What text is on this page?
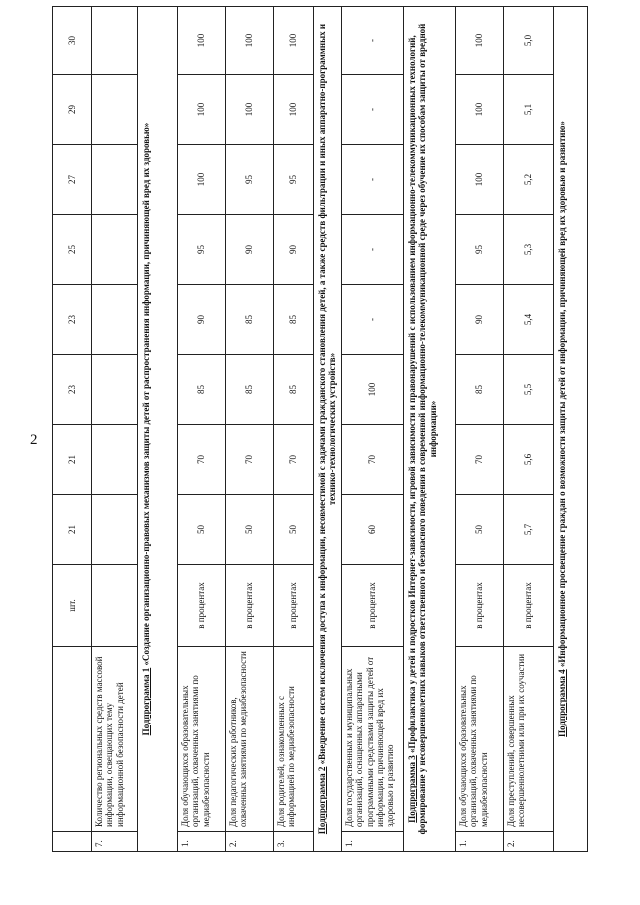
2
		шт.	21	21	23	23	25	27	29	30
7.	Количество региональных средств массовой информации, освещающих тему информационной безопасности детей									
Подпрограмма 1 «Создание организационно-правовых механизмов защиты детей от распространения информации, причиняющей вред их здоровью»										
1.	Доля обучающихся образовательных организаций, охваченных занятиями по медиабезопасности	в процентах	50	70	85	90	95	100	100	100
2.	Доля педагогических работников, охваченных занятиями по медиабезопасности	в процентах	50	70	85	85	90	95	100	100
3.	Доля родителей, ознакомленных с информацией по медиабезопасности	в процентах	50	70	85	85	90	95	100	100
Подпрограмма 2 «Внедрение систем исключения доступа к информации, несовместимой с задачами гражданского становления детей, а также средств фильтрации и иных аппаратно-программных и технико-технологических устройств»										
1.	Доля государственных и муниципальных организаций, оснащенных аппаратными программными средствами защиты детей от информации, причиняющей вред их здоровью и развитию	в процентах	60	70	100	-	-	-	-	-
Подпрограмма 3 «Профилактика у детей и подростков Интернет-зависимости, игровой зависимости и правонарушений с использованием информационно-телекоммуникационных технологий, формирование у несовершеннолетних навыков ответственного и безопасного поведения в современной информационно-телекоммуникационной среде через обучение их способам защиты от вредной информации»										
1.	Доля обучающихся образовательных организаций, охваченных занятиями по медиабезопасности	в процентах	50	70	85	90	95	100	100	100
2.	Доля преступлений, совершенных несовершеннолетними или при их соучастии	в процентах	5,7	5,6	5,5	5,4	5,3	5,2	5,1	5,0
Подпрограмма 4 «Информационное просвещение граждан о возможности защиты детей от информации, причиняющей вред их здоровью и развитию»										
